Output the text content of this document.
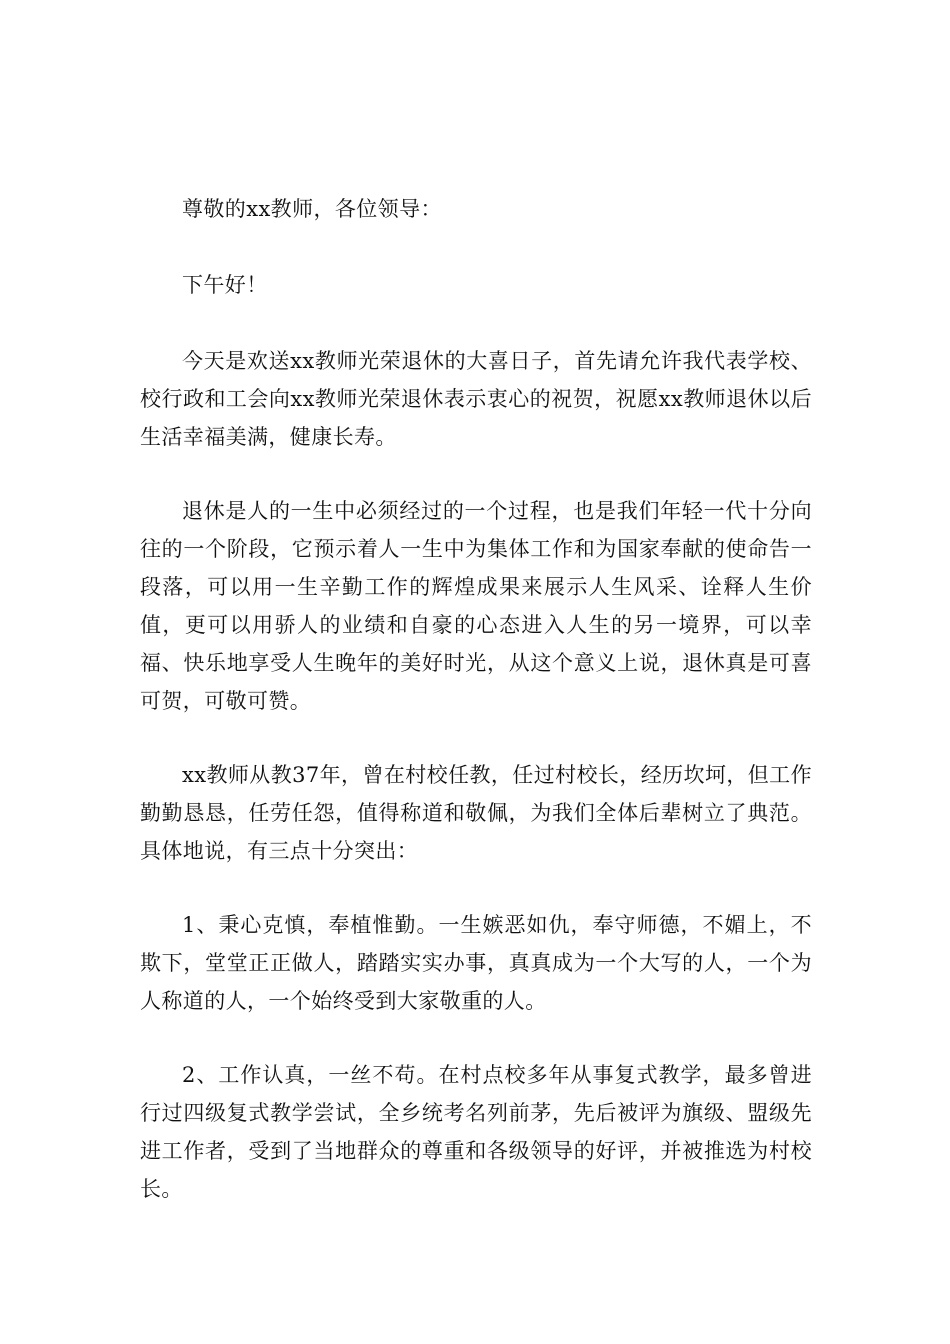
尊敬的xx教师，各位领导：

下午好！

今天是欢送xx教师光荣退休的大喜日子，首先请允许我代表学校、校行政和工会向xx教师光荣退休表示衷心的祝贺，祝愿xx教师退休以后生活幸福美满，健康长寿。

退休是人的一生中必须经过的一个过程，也是我们年轻一代十分向往的一个阶段，它预示着人一生中为集体工作和为国家奉献的使命告一段落，可以用一生辛勤工作的辉煌成果来展示人生风采、诠释人生价值，更可以用骄人的业绩和自豪的心态进入人生的另一境界，可以幸福、快乐地享受人生晚年的美好时光，从这个意义上说，退休真是可喜可贺，可敬可赞。

xx教师从教37年，曾在村校任教，任过村校长，经历坎坷，但工作勤勤恳恳，任劳任怨，值得称道和敬佩，为我们全体后辈树立了典范。具体地说，有三点十分突出：

1、秉心克慎，奉植惟勤。一生嫉恶如仇，奉守师德，不媚上，不欺下，堂堂正正做人，踏踏实实办事，真真成为一个大写的人，一个为人称道的人，一个始终受到大家敬重的人。

2、工作认真，一丝不苟。在村点校多年从事复式教学，最多曾进行过四级复式教学尝试，全乡统考名列前茅，先后被评为旗级、盟级先进工作者，受到了当地群众的尊重和各级领导的好评，并被推选为村校长。
